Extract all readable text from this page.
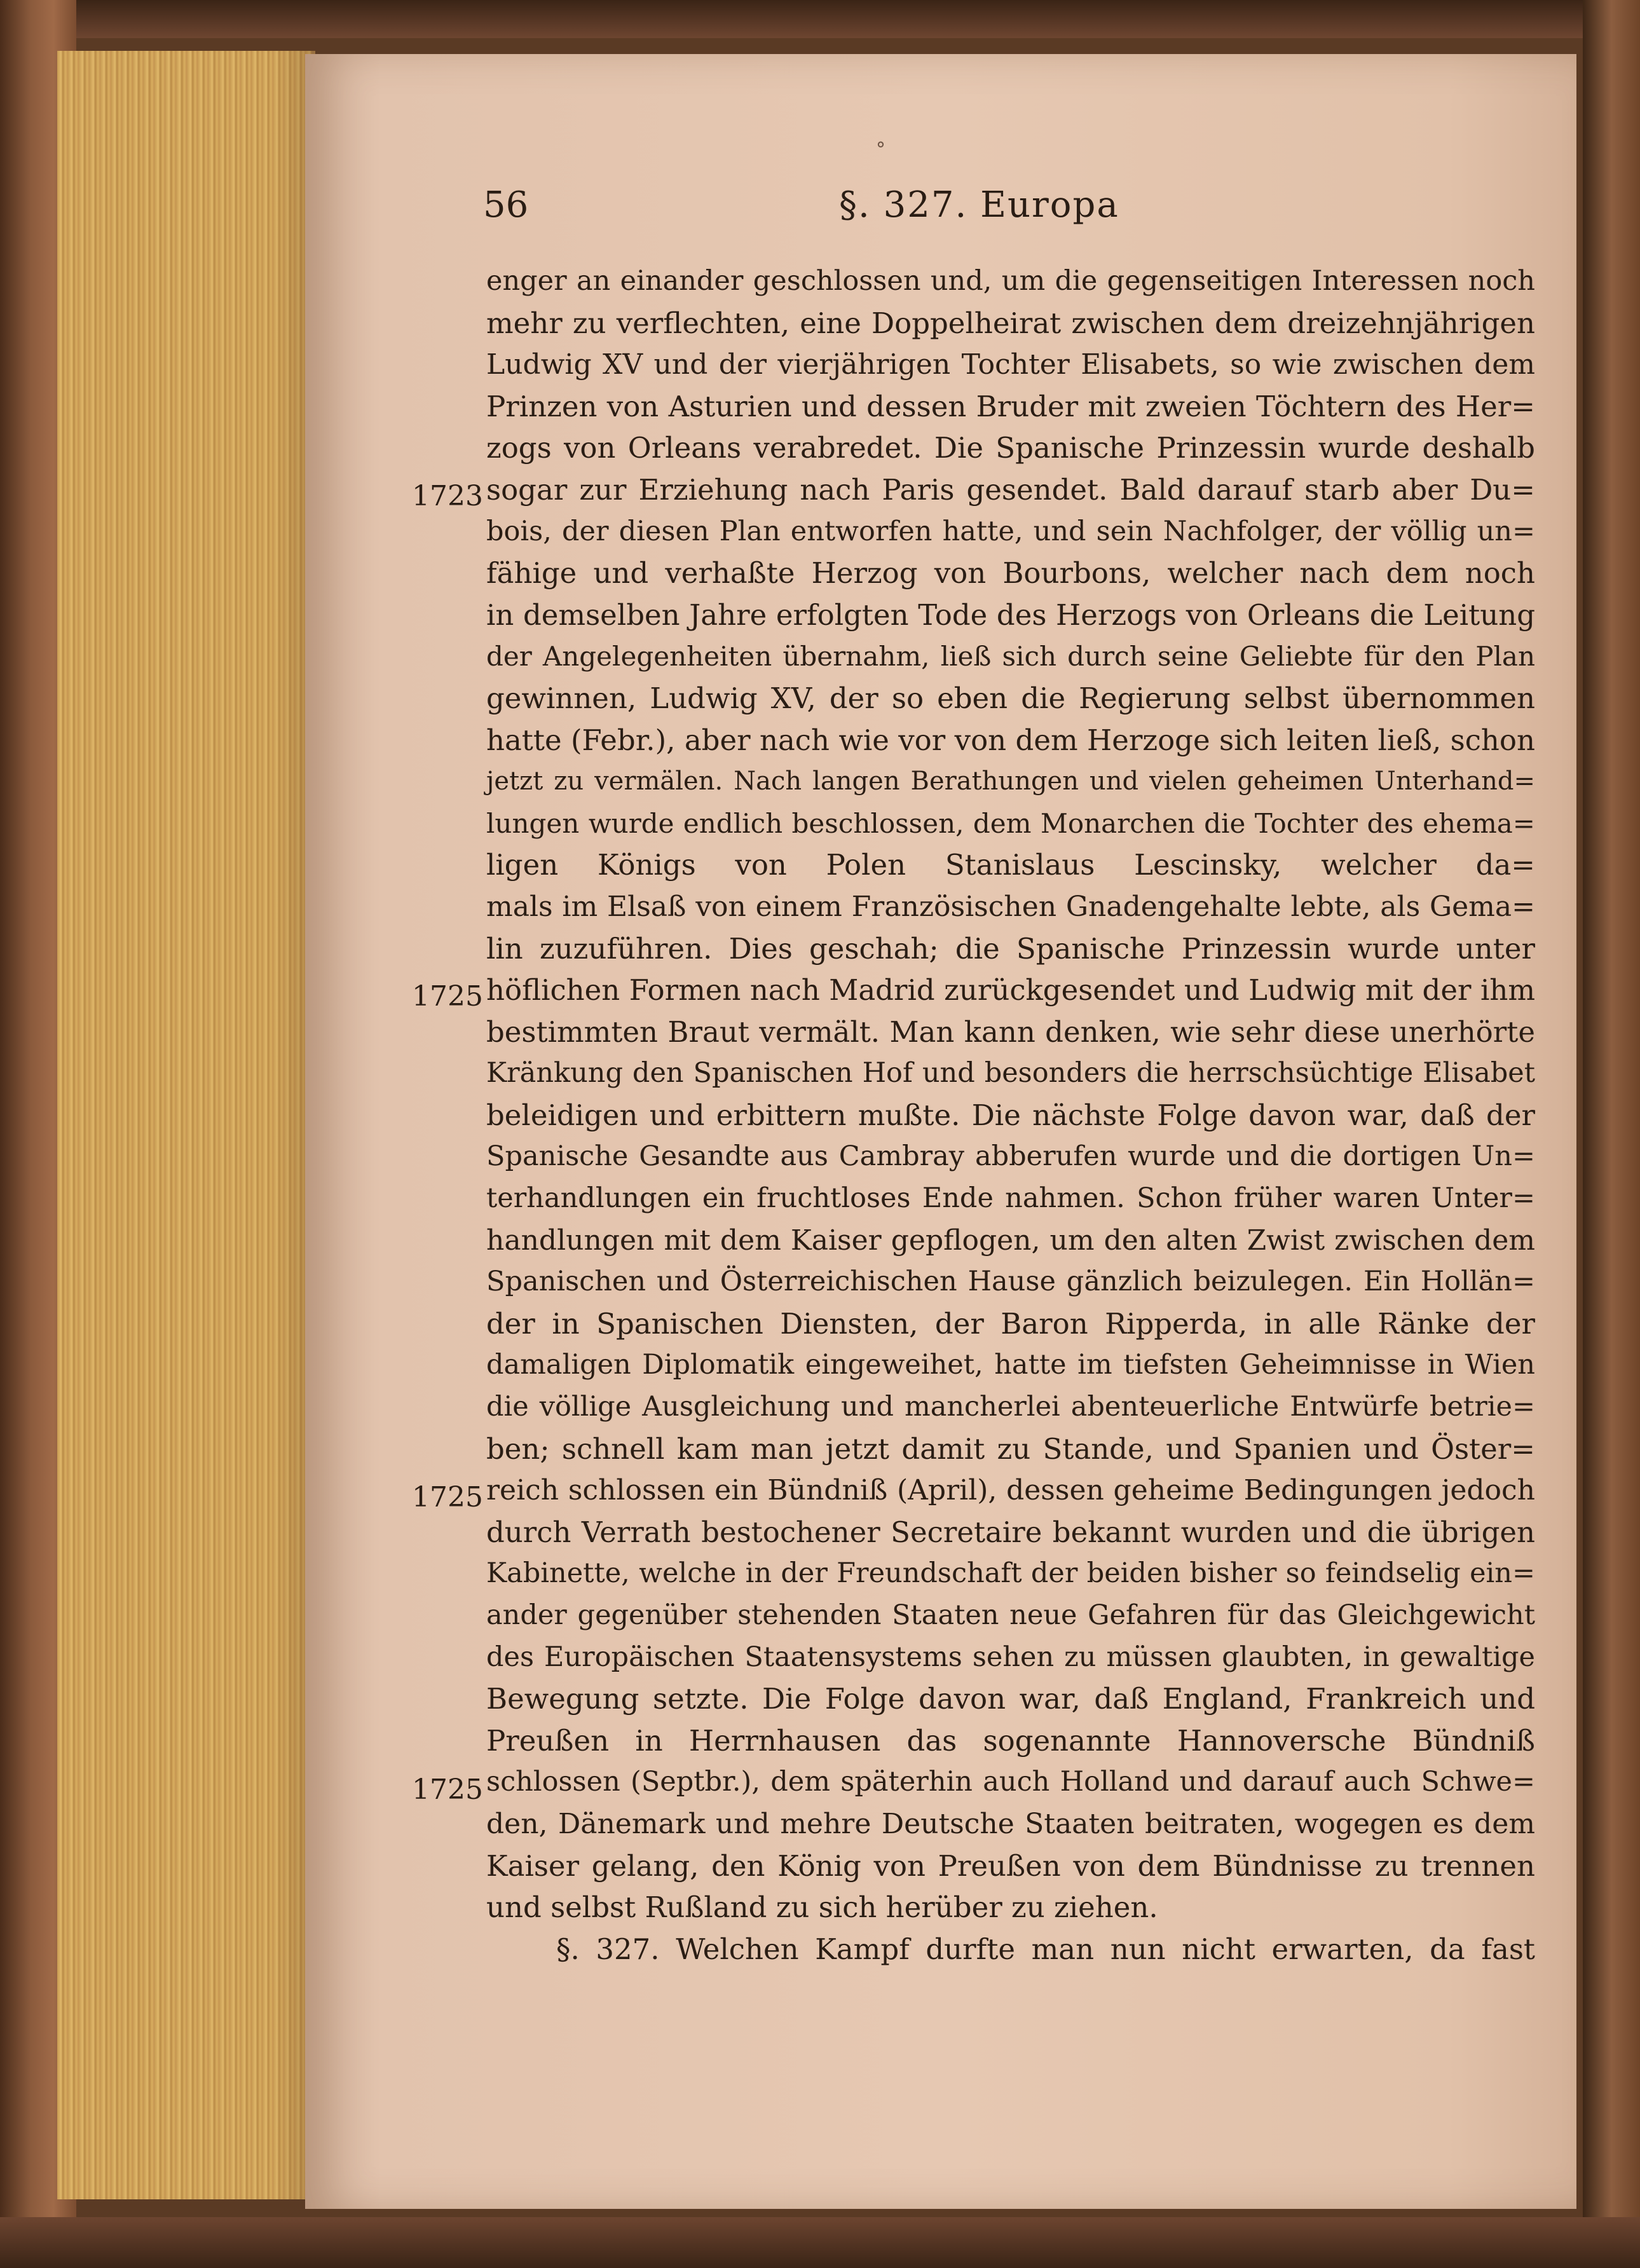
°
56	§. 327. Europa
1723
1725
1725
1725
enger an einander geschlossen und, um die gegenseitigen Interessen noch
mehr zu verflechten, eine Doppelheirat zwischen dem dreizehnjährigen
Ludwig XV und der vierjährigen Tochter Elisabets, so wie zwischen dem
Prinzen von Asturien und dessen Bruder mit zweien Töchtern des Her=
zogs von Orleans verabredet. Die Spanische Prinzessin wurde deshalb
sogar zur Erziehung nach Paris gesendet. Bald darauf starb aber Du=
bois, der diesen Plan entworfen hatte, und sein Nachfolger, der völlig un=
fähige und verhaßte Herzog von Bourbons, welcher nach dem noch
in demselben Jahre erfolgten Tode des Herzogs von Orleans die Leitung
der Angelegenheiten übernahm, ließ sich durch seine Geliebte für den Plan
gewinnen, Ludwig XV, der so eben die Regierung selbst übernommen
hatte (Febr.), aber nach wie vor von dem Herzoge sich leiten ließ, schon
jetzt zu vermälen. Nach langen Berathungen und vielen geheimen Unterhand=
lungen wurde endlich beschlossen, dem Monarchen die Tochter des ehema=
ligen Königs von Polen Stanislaus Lescinsky, welcher da=
mals im Elsaß von einem Französischen Gnadengehalte lebte, als Gema=
lin zuzuführen. Dies geschah; die Spanische Prinzessin wurde unter
höflichen Formen nach Madrid zurückgesendet und Ludwig mit der ihm
bestimmten Braut vermält. Man kann denken, wie sehr diese unerhörte
Kränkung den Spanischen Hof und besonders die herrschsüchtige Elisabet
beleidigen und erbittern mußte. Die nächste Folge davon war, daß der
Spanische Gesandte aus Cambray abberufen wurde und die dortigen Un=
terhandlungen ein fruchtloses Ende nahmen. Schon früher waren Unter=
handlungen mit dem Kaiser gepflogen, um den alten Zwist zwischen dem
Spanischen und Österreichischen Hause gänzlich beizulegen. Ein Hollän=
der in Spanischen Diensten, der Baron Ripperda, in alle Ränke der
damaligen Diplomatik eingeweihet, hatte im tiefsten Geheimnisse in Wien
die völlige Ausgleichung und mancherlei abenteuerliche Entwürfe betrie=
ben; schnell kam man jetzt damit zu Stande, und Spanien und Öster=
reich schlossen ein Bündniß (April), dessen geheime Bedingungen jedoch
durch Verrath bestochener Secretaire bekannt wurden und die übrigen
Kabinette, welche in der Freundschaft der beiden bisher so feindselig ein=
ander gegenüber stehenden Staaten neue Gefahren für das Gleichgewicht
des Europäischen Staatensystems sehen zu müssen glaubten, in gewaltige
Bewegung setzte. Die Folge davon war, daß England, Frankreich und
Preußen in Herrnhausen das sogenannte Hannoversche Bündniß
schlossen (Septbr.), dem späterhin auch Holland und darauf auch Schwe=
den, Dänemark und mehre Deutsche Staaten beitraten, wogegen es dem
Kaiser gelang, den König von Preußen von dem Bündnisse zu trennen
und selbst Rußland zu sich herüber zu ziehen.
§. 327. Welchen Kampf durfte man nun nicht erwarten, da fast
